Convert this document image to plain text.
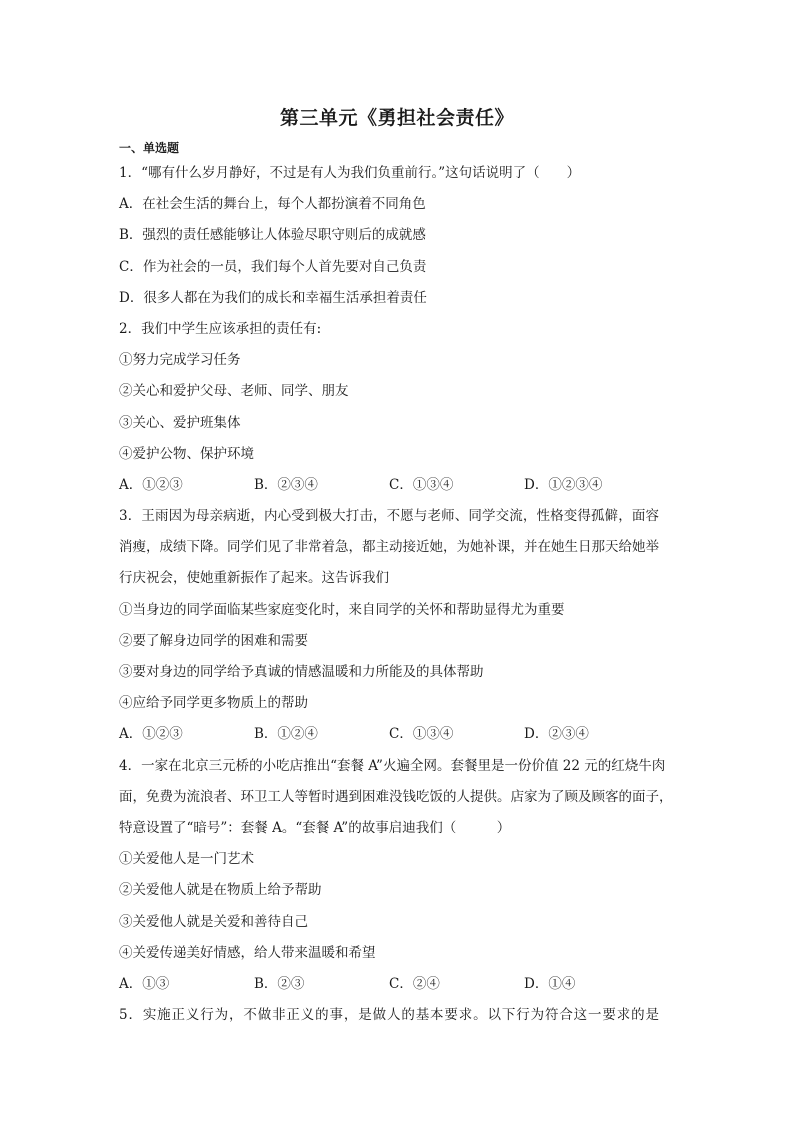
第三单元《勇担社会责任》
一、单选题
1．“哪有什么岁月静好，不过是有人为我们负重前行。”这句话说明了（　　）
A．在社会生活的舞台上，每个人都扮演着不同角色
B．强烈的责任感能够让人体验尽职守则后的成就感
C．作为社会的一员，我们每个人首先要对自己负责
D．很多人都在为我们的成长和幸福生活承担着责任
2．我们中学生应该承担的责任有:
①努力完成学习任务
②关心和爱护父母、老师、同学、朋友
③关心、爱护班集体
④爱护公物、保护环境
A．①②③	B．②③④	C．①③④	D．①②③④
3．王雨因为母亲病逝，内心受到极大打击，不愿与老师、同学交流，性格变得孤僻，面容
消瘦，成绩下降。同学们见了非常着急，都主动接近她，为她补课，并在她生日那天给她举
行庆祝会，使她重新振作了起来。这告诉我们
①当身边的同学面临某些家庭变化时，来自同学的关怀和帮助显得尤为重要
②要了解身边同学的困难和需要
③要对身边的同学给予真诚的情感温暖和力所能及的具体帮助
④应给予同学更多物质上的帮助
A．①②③	B．①②④	C．①③④	D．②③④
4．一家在北京三元桥的小吃店推出“套餐 A”火遍全网。套餐里是一份价值 22 元的红烧牛肉
面，免费为流浪者、环卫工人等暂时遇到困难没钱吃饭的人提供。店家为了顾及顾客的面子，
特意设置了“暗号”：套餐 A。“套餐 A”的故事启迪我们（　　　）
①关爱他人是一门艺术
②关爱他人就是在物质上给予帮助
③关爱他人就是关爱和善待自己
④关爱传递美好情感，给人带来温暖和希望
A．①③	B．②③	C．②④	D．①④
5．实施正义行为，不做非正义的事，是做人的基本要求。以下行为符合这一要求的是
